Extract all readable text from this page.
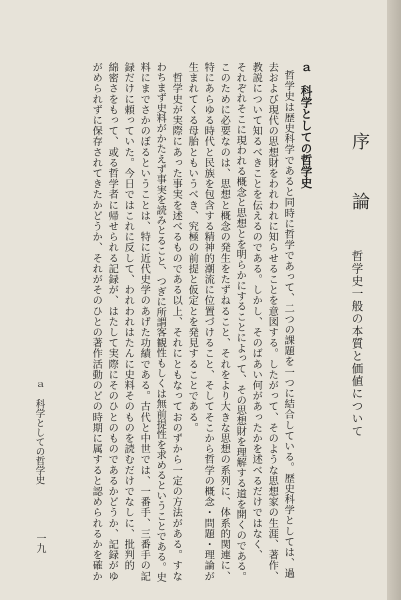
序　論
哲学史一般の本質と価値について
ａ　科学としての哲学史
哲学史は歴史科学であると同時に哲学であって、二つの課題を一つに結合している。歴史科学としては、過
去および現代の思想財をわれわれに知らせることを意図する。したがって、そのような思想家の生涯、著作、
教説について知るべきことを伝えるのである。しかし、そのばあい何があったかを述べるだけではなく、
それぞれそこに現われる概念と思想とを明らかにすることによって、その思想財を理解する道を開くのである。
このために必要なのは、思想と概念の発生をたずねること、それをより大きな思想の系列に、体系的関連に、
特にあらゆる時代と民族を包含する精神的潮流に位置づけること、そしてそこから哲学の概念・問題・理論が
生まれてくる母胎ともいうべき、究極の前提と仮定とを発見することである。
　哲学史が実際にあった事実を述べるものである以上、それにともなっておのずから一定の方法がある。すな
わちまず史料がかたえず事実を読みとること、つぎに所謂客観性もしくは無前提性を求めるということである。史
料にまでさかのぼるということは、特に近代史学のあげた功績である。古代と中世では、一番手、三番手の記
録だけに頼っていた。今日ではこれに反して、われわれはたんに史料そのものを読むだけでなしに、批判的
綿密さをもって、或る哲学者に帰せられる記録が、はたして実際にそのひとのものであるかどうか、記録がゆ
がめられずに保存されてきたかどうか、それがそのひとの著作活動のどの時期に属すると認められるかを確か
ａ　科学としての哲学史
一九
